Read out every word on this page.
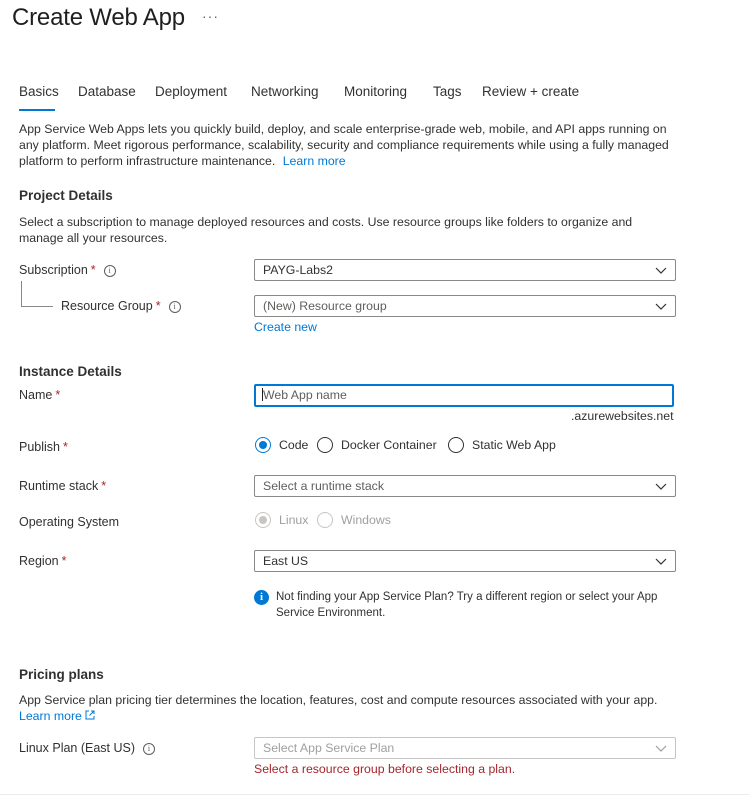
Create Web App ···
Basics Database Deployment Networking Monitoring Tags Review + create
App Service Web Apps lets you quickly build, deploy, and scale enterprise-grade web, mobile, and API apps running on any platform. Meet rigorous performance, scalability, security and compliance requirements while using a fully managed platform to perform infrastructure maintenance. Learn more
Project Details
Select a subscription to manage deployed resources and costs. Use resource groups like folders to organize and manage all your resources.
Subscription * i	PAYG-Labs2
Resource Group * i	(New) Resource group
Create new
Instance Details
Name *	Web App name
.azurewebsites.net
Publish *	Code	Docker Container	Static Web App
Runtime stack *	Select a runtime stack
Operating System	Linux	Windows
Region *	East US
i	Not finding your App Service Plan? Try a different region or select your App Service Environment.
Pricing plans
App Service plan pricing tier determines the location, features, cost and compute resources associated with your app.
Learn more
Linux Plan (East US) i	Select App Service Plan
Select a resource group before selecting a plan.
